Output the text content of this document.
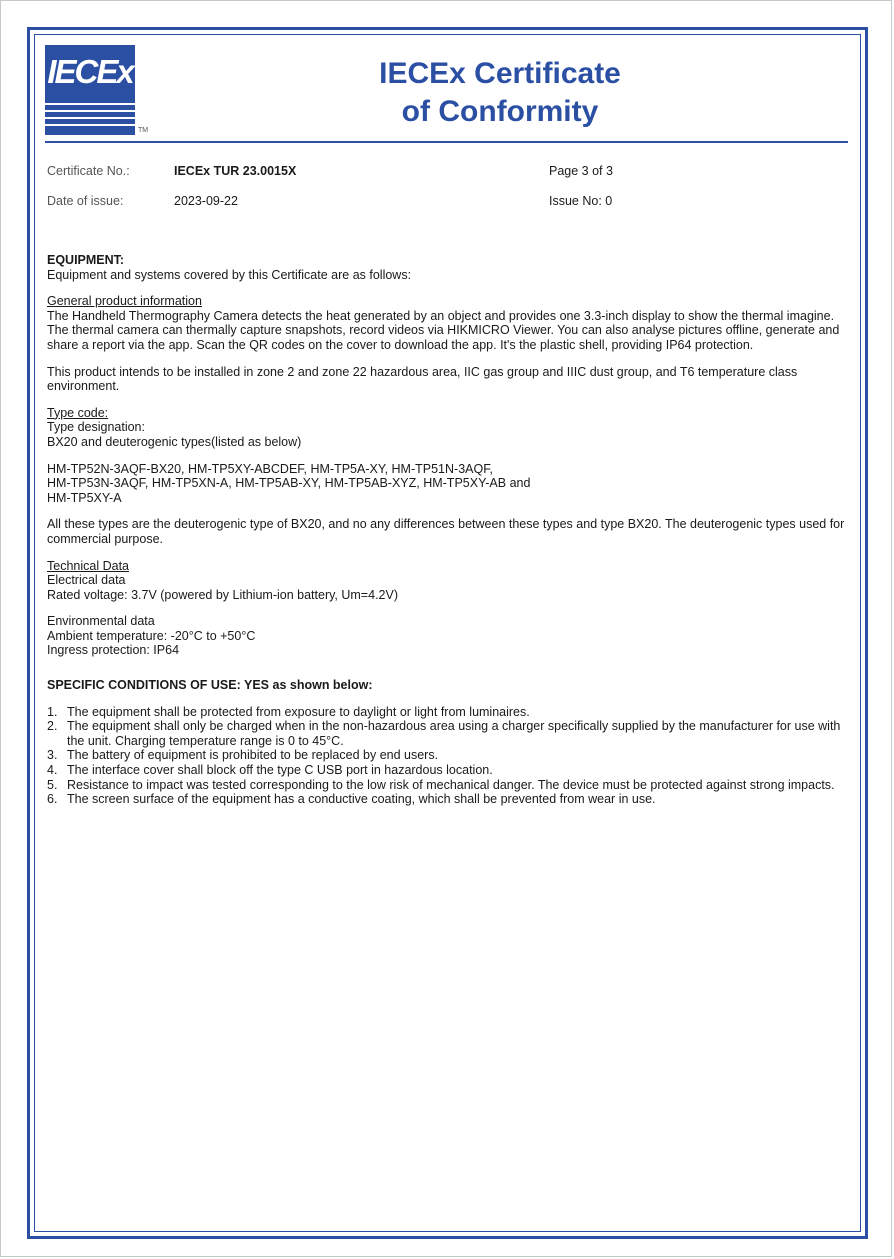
IECEx
TM
IECEx Certificate
of Conformity
Certificate No.:	IECEx TUR 23.0015X	Page 3 of 3
Date of issue:	2023-09-22	Issue No: 0

EQUIPMENT:

Equipment and systems covered by this Certificate are as follows:

General product information

The Handheld Thermography Camera detects the heat generated by an object and provides one 3.3-inch display to show the thermal imagine. The thermal camera can thermally capture snapshots, record videos via HIKMICRO Viewer. You can also analyse pictures offline, generate and share a report via the app. Scan the QR codes on the cover to download the app. It's the plastic shell, providing IP64 protection.

This product intends to be installed in zone 2 and zone 22 hazardous area, IIC gas group and IIIC dust group, and T6 temperature class environment.

Type code:

Type designation:

BX20 and deuterogenic types(listed as below)

HM-TP52N-3AQF-BX20, HM-TP5XY-ABCDEF, HM-TP5A-XY, HM-TP51N-3AQF,

HM-TP53N-3AQF, HM-TP5XN-A, HM-TP5AB-XY, HM-TP5AB-XYZ, HM-TP5XY-AB and

HM-TP5XY-A

All these types are the deuterogenic type of BX20, and no any differences between these types and type BX20. The deuterogenic types used for commercial purpose.

Technical Data

Electrical data

Rated voltage: 3.7V (powered by Lithium-ion battery, Um=4.2V)

Environmental data

Ambient temperature: -20°C to +50°C

Ingress protection: IP64

SPECIFIC CONDITIONS OF USE: YES as shown below:

1. The equipment shall be protected from exposure to daylight or light from luminaires.
2. The equipment shall only be charged when in the non-hazardous area using a charger specifically supplied by the manufacturer for use with the unit. Charging temperature range is 0 to 45°C.
3. The battery of equipment is prohibited to be replaced by end users.
4. The interface cover shall block off the type C USB port in hazardous location.
5. Resistance to impact was tested corresponding to the low risk of mechanical danger. The device must be protected against strong impacts.
6. The screen surface of the equipment has a conductive coating, which shall be prevented from wear in use.
